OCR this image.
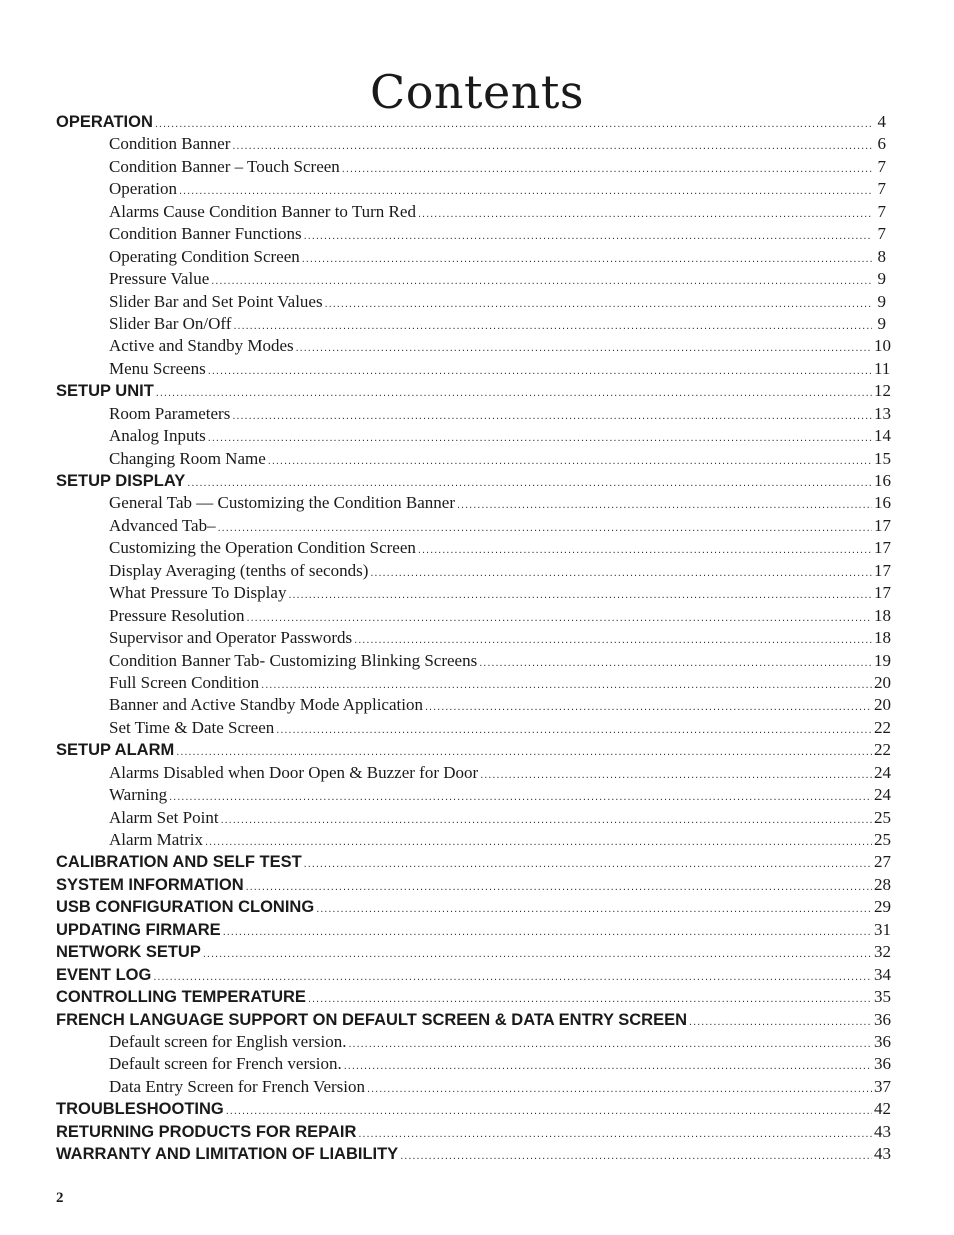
Contents
OPERATION .....	4
Condition Banner .....	6
Condition Banner – Touch Screen .....	7
Operation .....	7
Alarms Cause Condition Banner to Turn Red .....	7
Condition Banner Functions .....	7
Operating Condition Screen .....	8
Pressure Value .....	9
Slider Bar and Set Point Values .....	9
Slider Bar On/Off .....	9
Active and Standby Modes .....	10
Menu Screens .....	11
SETUP UNIT .....	12
Room Parameters .....	13
Analog Inputs .....	14
Changing Room Name .....	15
SETUP DISPLAY .....	16
General Tab — Customizing the Condition Banner .....	16
Advanced Tab– .....	17
Customizing the Operation Condition Screen .....	17
Display Averaging (tenths of seconds) .....	17
What Pressure To Display .....	17
Pressure Resolution .....	18
Supervisor and Operator Passwords .....	18
Condition Banner Tab- Customizing Blinking Screens .....	19
Full Screen Condition .....	20
Banner and Active Standby Mode Application .....	20
Set Time & Date Screen .....	22
SETUP ALARM .....	22
Alarms Disabled when Door Open & Buzzer for Door .....	24
Warning .....	24
Alarm Set Point .....	25
Alarm Matrix .....	25
CALIBRATION AND SELF TEST .....	27
SYSTEM INFORMATION .....	28
USB CONFIGURATION CLONING .....	29
UPDATING FIRMARE .....	31
NETWORK SETUP .....	32
EVENT LOG .....	34
CONTROLLING TEMPERATURE .....	35
FRENCH LANGUAGE SUPPORT ON DEFAULT SCREEN & DATA ENTRY SCREEN .....	36
Default screen for English version. .....	36
Default screen for French version. .....	36
Data Entry Screen for French Version .....	37
TROUBLESHOOTING .....	42
RETURNING PRODUCTS FOR REPAIR .....	43
WARRANTY AND LIMITATION OF LIABILITY .....	43
2
